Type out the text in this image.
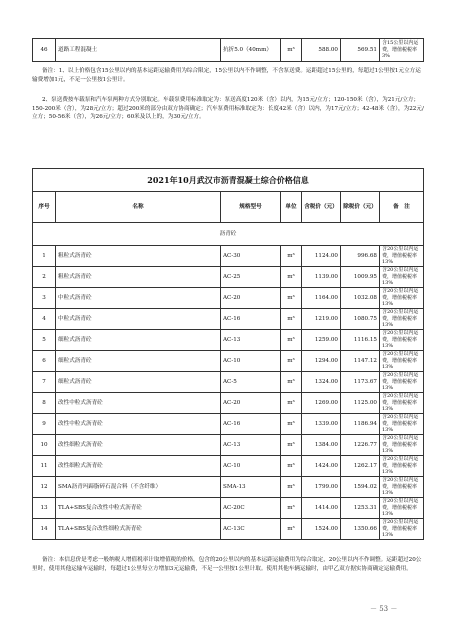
46	道路工程混凝土	抗折5.0（40mm）	m³	588.00	569.51	含15公里以内运费，增值税税率3%

备注：1、以上价格包含15公里以内的基本运距运输费用为综合限定，15公里以内不作调整，不含泵送费。运距超过15公里的，每超过1公里按1元立方运输费增加1元，不足一公里按1公里计。

2、泵送费按车载泵和汽车泵两种方式分别取定。车载泵费用标准取定为：泵送高度120米（含）以内，为15元/立方；120-150米（含），为21元/立方；150-200米（含），为28元/立方；超过200米的部分由双方协商确定；汽车泵费用标准取定为：长度42米（含）以内，为17元/立方；42-48米（含），为22元/立方；50-56米（含），为26元/立方；60米及以上的，为30元/立方。

2021年10月武汉市沥青混凝土综合价格信息						
序号	名称	规格型号	单位	含税价（元）	除税价（元）	备　注
沥青砼						
1	粗粒式沥青砼	AC-30	m³	1124.00	996.68	含20公里以内运费，增值税税率13%
2	粗粒式沥青砼	AC-25	m³	1139.00	1009.95	含20公里以内运费，增值税税率13%
3	中粒式沥青砼	AC-20	m³	1164.00	1032.08	含20公里以内运费，增值税税率13%
4	中粒式沥青砼	AC-16	m³	1219.00	1080.75	含20公里以内运费，增值税税率13%
5	细粒式沥青砼	AC-13	m³	1259.00	1116.15	含20公里以内运费，增值税税率13%
6	细粒式沥青砼	AC-10	m³	1294.00	1147.12	含20公里以内运费，增值税税率13%
7	细粒式沥青砼	AC-5	m³	1324.00	1173.67	含20公里以内运费，增值税税率13%
8	改性中粒式沥青砼	AC-20	m³	1269.00	1125.00	含20公里以内运费，增值税税率13%
9	改性中粒式沥青砼	AC-16	m³	1339.00	1186.94	含20公里以内运费，增值税税率13%
10	改性细粒式沥青砼	AC-13	m³	1384.00	1226.77	含20公里以内运费，增值税税率13%
11	改性细粒式沥青砼	AC-10	m³	1424.00	1262.17	含20公里以内运费，增值税税率13%
12	SMA沥青玛蹄脂碎石混合料（不含纤维）	SMA-13	m³	1799.00	1594.02	含20公里以内运费，增值税税率13%
13	TLA+SBS复合改性中粒式沥青砼	AC-20C	m³	1414.00	1253.31	含20公里以内运费，增值税税率13%
14	TLA+SBS复合改性细粒式沥青砼	AC-13C	m³	1524.00	1350.66	含20公里以内运费，增值税税率13%

备注：本信息价是考虑一般纳税人增值税率计取增值税的价格，包含的20公里以内的基本运距运输费用为综合取定，20公里以内不作调整。运距超过20公里时，使用其他运输车运输时，每超过1公里每立方增加3元运输费，不足一公里按1公里计取。使用其他车辆运输时，由甲乙双方据实协商确定运输费用。

－ 53 －
